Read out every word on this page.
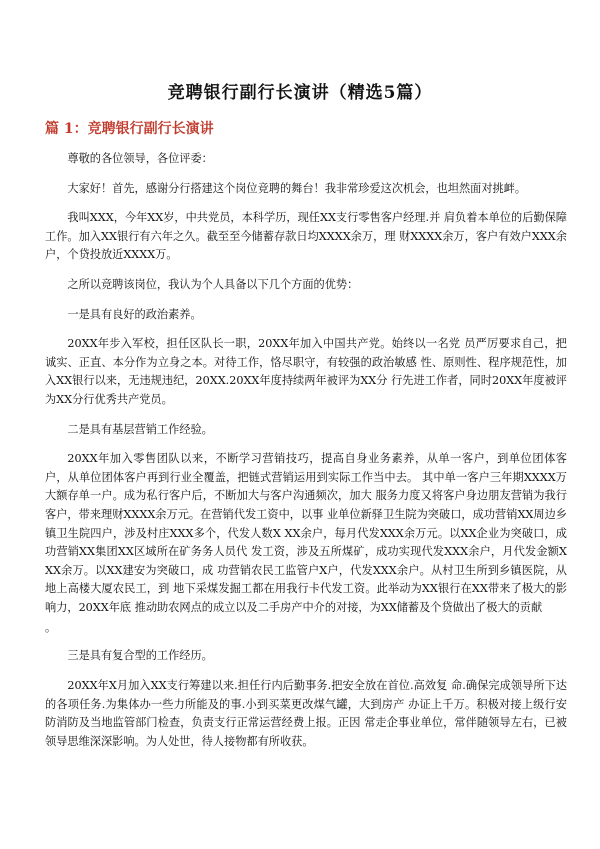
竞聘银行副行长演讲（精选5篇）
篇 1：竞聘银行副行长演讲

尊敬的各位领导，各位评委：

大家好！首先，感谢分行搭建这个岗位竞聘的舞台！我非常珍爱这次机会，也坦然面对挑衅。

我叫XXX，今年XX岁，中共党员，本科学历，现任XX支行零售客户经理.并 肩负着本单位的后勤保障工作。加入XX银行有六年之久。截至至今储蓄存款日均XXXX余万，理 财XXXX余万，客户有效户XXX余户，个贷投放近XXXX万。

之所以竞聘该岗位，我认为个人具备以下几个方面的优势：

一是具有良好的政治素养。

20XX年步入军校，担任区队长一职，20XX年加入中国共产党。始终以一名党 员严厉要求自己，把诚实、正直、本分作为立身之本。对待工作，恪尽职守，有较强的政治敏感 性、原则性、程序规范性，加入XX银行以来，无违规违纪，20XX.20XX年度持续两年被评为XX分 行先进工作者，同时20XX年度被评为XX分行优秀共产党员。

二是具有基层营销工作经验。

20XX年加入零售团队以来，不断学习营销技巧，提高自身业务素养，从单一客户，到单位团体客户，从单位团体客户再到行业全覆盖，把链式营销运用到实际工作当中去。 其中单一客户三年期XXXX万大额存单一户。成为私行客户后，不断加大与客户沟通频次，加大 服务力度又将客户身边朋友营销为我行客户，带来理财XXXX余万元。在营销代发工资中，以事 业单位新驿卫生院为突破口，成功营销XX周边乡镇卫生院四户，涉及村庄XXX多个，代发人数X XX余户，每月代发XXX余万元。以XX企业为突破口，成功营销XX集团XX区域所在矿务务人员代 发工资，涉及五所煤矿，成功实现代发XXX余户，月代发金额XXX余万。以XX建安为突破口，成 功营销农民工监管户X户，代发XXX余户。从村卫生所到乡镇医院，从地上高楼大厦农民工，到 地下采煤发掘工都在用我行卡代发工资。此举动为XX银行在XX带来了极大的影响力，20XX年底 推动助农网点的成立以及二手房产中介的对接，为XX储蓄及个贷做出了极大的贡献

。

三是具有复合型的工作经历。

20XX年X月加入XX支行筹建以来.担任行内后勤事务.把安全放在首位.高效复 命.确保完成领导所下达的各项任务.为集体办一些力所能及的事.小到买菜更改煤气罐，大到房产 办证上千万。积极对接上级行安防消防及当地监管部门检查，负责支行正常运营经费上报。正因 常走企事业单位，常伴随领导左右，已被领导思维深深影响。为人处世，待人接物都有所收获。
